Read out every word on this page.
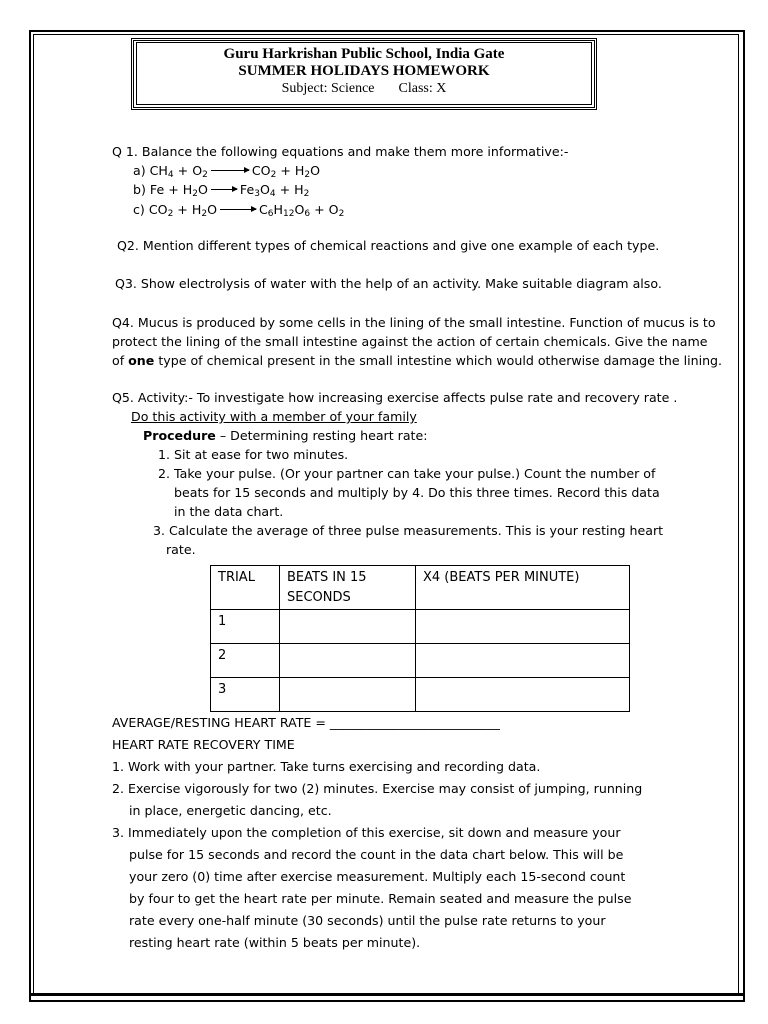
Guru Harkrishan Public School, India Gate
SUMMER HOLIDAYS HOMEWORK
Subject: Science Class: X
Q 1. Balance the following equations and make them more informative:-
a) $CH_4 + O_2$	$CO_2 + H_2O$
b) $Fe + H_2O$	$Fe_3O_4 + H_2$
c) $CO_2 + H_2O$	$C_6H_{12}O_6 + O_2$
Q2. Mention different types of chemical reactions and give one example of each type.
Q3. Show electrolysis of water with the help of an activity. Make suitable diagram also.
Q4. Mucus is produced by some cells in the lining of the small intestine. Function of mucus is to
protect the lining of the small intestine against the action of certain chemicals. Give the name
of one type of chemical present in the small intestine which would otherwise damage the lining.
Q5. Activity:- To investigate how increasing exercise affects pulse rate and recovery rate .
Do this activity with a member of your family
Procedure – Determining resting heart rate:
1. Sit at ease for two minutes.
2. Take your pulse. (Or your partner can take your pulse.) Count the number of
beats for 15 seconds and multiply by 4. Do this three times. Record this data
in the data chart.
3. Calculate the average of three pulse measurements. This is your resting heart
rate.
TRIAL	BEATS IN 15 SECONDS	X4 (BEATS PER MINUTE)
1		
2		
3		
AVERAGE/RESTING HEART RATE = ___________________________
HEART RATE RECOVERY TIME
1. Work with your partner. Take turns exercising and recording data.
2. Exercise vigorously for two (2) minutes. Exercise may consist of jumping, running
in place, energetic dancing, etc.
3. Immediately upon the completion of this exercise, sit down and measure your
pulse for 15 seconds and record the count in the data chart below. This will be
your zero (0) time after exercise measurement. Multiply each 15-second count
by four to get the heart rate per minute. Remain seated and measure the pulse
rate every one-half minute (30 seconds) until the pulse rate returns to your
resting heart rate (within 5 beats per minute).
